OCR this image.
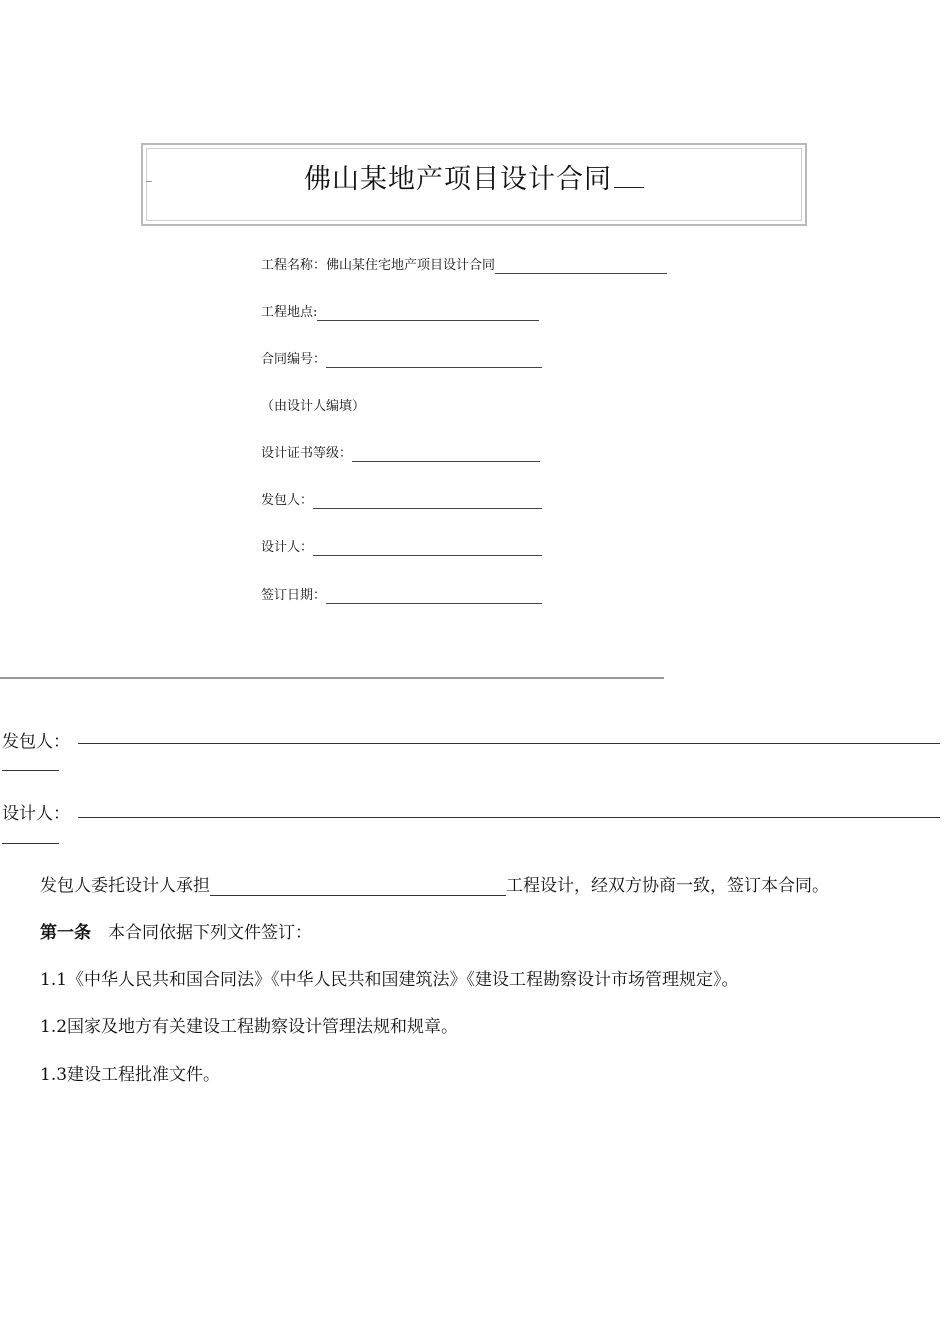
佛山某地产项目设计合同
工程名称：佛山某住宅地产项目设计合同
工程地点:
合同编号：
（由设计人编填）
设计证书等级：
发包人：
设计人：
签订日期：
发包人：
设计人：
发包人委托设计人承担	工程设计，经双方协商一致，签订本合同。
第一条　 本合同依据下列文件签订：
1.1《中华人民共和国合同法》《中华人民共和国建筑法》《建设工程勘察设计市场管理规定》。
1.2国家及地方有关建设工程勘察设计管理法规和规章。
1.3建设工程批准文件。
